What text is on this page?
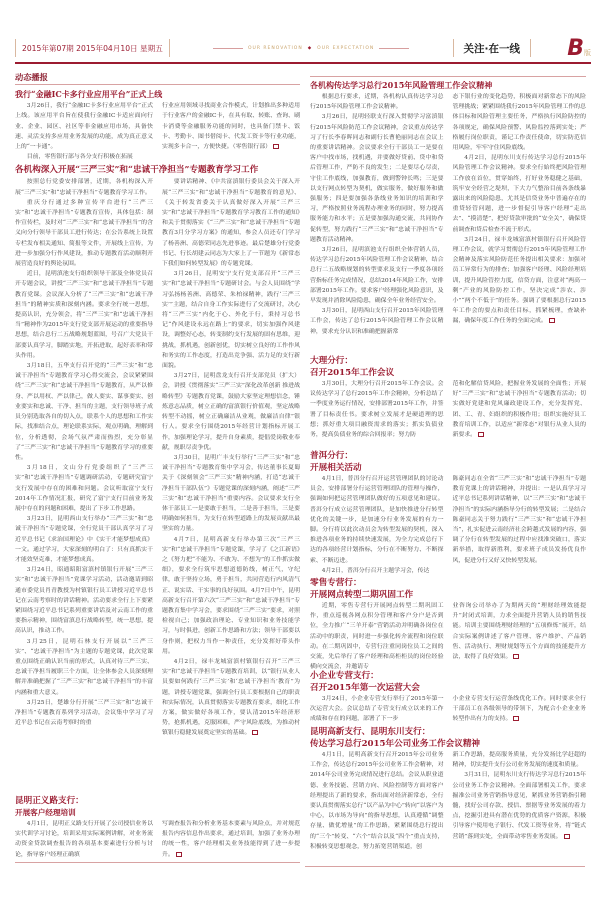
2015年第07期 2015年04月10日 星期五	OUR RENOVATION ◆ OUR EXPECTATION	关注·在一线	B 版
动态播报
我行“金融IC卡多行业应用平台”正式上线

3月26日，我行“金融IC卡多行业应用平台”正式上线。该应用平台旨在使我行金融IC卡适应面向行业、企业、园区、社区等非金融应用市场，具备快速、灵活支持多应用业务发展的功能，成为真正意义上的“一卡通”。

目前，零售银行部与各分支行积极在拓展

行业应用领域寻找商业合作模式，计划推出多种适用于行业客户的金融IC卡，在具有取、转账、查询、刷卡消费等金融服务功能的同时，也具备门禁卡、饭卡、考勤卡、图书借阅卡、代发工资卡等行业功能，实现多卡合一，方便快捷。（零售银行部）

各机构深入开展“三严三实”和“忠诚干净担当”专题教育学习工作

按照总行党委安排部署，近期，各机构深入开展“三严三实”和“忠诚干净担当”专题教育学习工作。

重庆分行通过多种宣传平台进行“三严三实”和“忠诚干净担当”专题教育宣传，具体包括：制作宣传栏，及时对“三严三实”和“忠诚干净担当”的含义向分行领导干部员工进行传达；在公告系统上设置专栏发布相关通知、简报等文件，开展线上宣传，为进一步加强分行作风建设，推动专题教育活动顺利开展营造良好的舆论氛围。

近日，昆明滇池支行组织领导干部及全体党员召开专题会议，讲授“三严三实”和“忠诚干净担当”专题教育党课。会议深入分析了“三严三实”和“忠诚干净担当”的精神实质和深刻内涵。要求全行统一思想，提高认识，充分领会，将“三严三实”和“忠诚干净担当”精神作为2015年支行党支部开展运动的重要指导思想，结合总行二五战略规划蓝图，号召广大党员干部要认真学习，脚踏实地，开拓进取，起好表率和带头作用。

3月18日，五华支行召开党的“三严三实”和“忠诚干净担当”专题教育学习心得交流会，会议紧紧围绕“三严三实”和“忠诚干净担当”专题教育，从严以修身、严以用权、严以律己，做人要实、谋事要实、创业要实和忠诚、干净、担当的主题，支行领导班子成员分别选取各自的切入点，联系个人的思想和工作实际，找准结合点，理论联系实际，观点明确，理解到位，分析透彻，会场气氛严肃而热烈，充分彰显了“三严三实”和“忠诚干净担当”专题教育学习的重要性。

3月18日，文山分行党委组织了“三严三实”和“忠诚干净担当”专题调研活动，专题研究富宁支行发展中存在的困难和问题。会议听取富宁支行2014年工作情况汇报，研究了富宁支行目前业务发展中存在的问题和困难，提出了下步工作思路。

3月23日，昆明西山支行举办“三严三实”和“忠诚干净担当”专题党课，全行党员干部认真学习了习近平总书记《求治国理论》中《实干才能梦想成真》一文。通过学习，大家深刻的明白了：只有真抓实干才能效坚克难，才能梦想成真。

3月24日，昭通昭阳富滇村镇银行开展“三严三实”和“忠诚干净担当”党课学习活动，活动邀请到昭通市委党员肖青教授为村镇银行员工讲授习近平总书记在云南考察时的讲话精神。活动要求全行上下要紧紧围绕习近平总书记系列重要讲话及对云南工作的重要指示精神，围绕富滇总行战略转型，统一思想，提高认识，推动工作。

3月25日，昆明石林支行开展以“三严三实”、“忠诚干净担当”为主题的专题党课，此次党课重点围绕正确认识当前的形式，认真对待三严三实、忠诚干净担当履职三个方面，让全体参会人员深刻理解并准确把握了“三严三实”和“忠诚干净担当”的丰富内涵和重大意义。

3月25日，楚雄分行开展“三严三实”和“忠诚干净担当”专题教育系列学习活动，会议集中学习了习近平总书记在云南考察时的重

要讲话精神、《中共富滇银行委员会关于深入开展“三严三实”和“忠诚干净担当”专题教育的意见》、《关于转发省委关于认真做好深入开展“三严三实”和“忠诚干净担当”专题教育学习教育工作的通知》和关于贯彻落实《“三严三实”和“忠诚干净担当”专题教育3月分学习方案》的通知，参会人员还专门学习了杨善洲、高德荣同志先进事迹。最后楚雄分行党委书记、行长胡建云同志为大家上了一节题为《新常态下我们如何转型发展》的专题党课。

3月26日，昆明安宁支行党支部召开“三严三实”和“忠诚干净担当”专题研讨会。与会人员围绕“学习弘扬杨善洲、高德荣、朱柏禄精神，践行‘三严三实’”主题，结合自身工作实际进行了交流研讨，决心将“三严三实”内化于心、外化于行，秉持习总书记“作风建设永远在路上”的要求，切实加强作风建设，调整好心态，转变制约支行发展的固有思维，迎挑战，抓机遇，创新创优，切实树立良好的工作作风和务实的工作态度，打造出竞争强、活力足的支行新面貌。

3月27日，昆明盘龙支行召开支部党员（扩大）会，讲授《贯彻落实“三严三实”深化改革创新 推进战略转型》专题教育党课，鼓励大家坚定理想信念，锤炼意志品质，树立正确的富滇银行价值观，坚定战略转型不动摇，树立正确廉洁从业观，做廉洁自律”银行人。要求全行围绕2015年经营计划指标开展工作，加强理论学习，提升自身素质，提倡爱岗敬业奉献，规职尽责争优。

3月30日，昆明广丰支行举行“三严三实”和“忠诚干净担当”专题教育集中学习会，传达董事长夏蜀关于《深刻领会“三严三实”精神内涵，打造“忠诚干净担当干部队伍”》专题党课的深刻内涵，阐述“三严三实”和“忠诚干净担当”重要内容。会议要求支行全体干部员工一是要敢于担当，二是善于担当，三是要明确如何担当，为支行在转型道路上的发展贡献出最坚实的力量。

4月7日，昆明高新支行举办第三次“三严三实”和“忠诚干净担当”专题党课，学习了《之江新语》之《努力把“不能为、不敢为、不想为”的工作抓实做细》，要求全行筑牢思想道德防线，树正气，守纪律，敢于坚持立场，勇于担当，共同营造行内风清气正、说实话、干实事的良好氛围。4月7日中午，昆明高新支行召开第六次“三严三实”和“忠诚干净担当”专题教育集中学习会，要求围绕“三严三实”要求，对照检视自己；加强政治理论、专业知识和业务技能学习，与时俱进，创新工作思路和方法；领导干部要以身作则，把权力当作一种责任，充分发挥好带头作用。

4月2日，禄丰龙城富滇村镇银行召开“三严三实”和“忠诚干净担当”专题教育培训，以“银行从业人员要如何践行‘三严三实’和‘忠诚干净担当’教育”为题，讲授专题党课，强调全行员工要根据自己的职责和实际情况，认真贯彻落实专题教育要求，细化工作方案，做实做好各项工作，要认清2015年经济形势，抢抓机遇，克服困难，严守风险底线，为推动村镇银行稳健发展奠定坚实的基础。

昆明正义路支行：
开展客户经理培训

4月1日，昆明正义路支行开展了公司授信业务以实代训学习讨论，培训采用实际案例讲解，对业务流动资金贷款调查报告的各项基本要素进行分析与讨论，指导客户经理正确填

写调查报告和分析业务基本要素与风险点，并对规范报告内容信息作出要求，通过培训，加强了业务办理的统一性，客户经理相关业务技能得到了进一步提升。

各机构传达学习总行2015年风险管理工作会议精神

根据总行要求，近期，各机构认真传达学习总行2015年风险管理工作会议精神。

3月26日，昆明轻联支行深入贯彻学习富滇银行2015年风险防范工作会议精神，会议重点传达学习了行长李春晖同志和副行长曹艳丽同志在会议上的重要讲话精神。会议要求全行干部员工一是要在客户中找市场，找机遇，并要做好贷前、贷中和贷后管理工作，严防不良的发生；二是要尽心尽责，守住工作底线，加强教育，做到警钟长鸣；三是要以支行网点转型为契机，做实服务，做好服务和做强服务；四是要加强各条线业务知识的培训和学习，严格按照业务流程办理业务的同时，努力提高服务能力和水平；五是要加强沟通交流，共同协作促转型，努力践行“三严三实”和“忠诚干净担当”专题教育活动精神。

3月26日，昆明滇池支行组织全体营销人员，传达学习总行2015年风险管理工作会议精神，结合总行二五战略规划的转型要求及支行一季度各项经营指标任务完成情况，总结2014年风险工作，安排部署2015年工作。要求客户经理强化风险意识，及早发现并消除风险隐患，确保全年业务经营安全。

3月30日，昆明西山支行召开2015年风险管理工作会，传达了总行2015年风险管理工作会议精神，要求充分认识和准确把握新常

态下银行业的变化趋势，积极面对新常态下的风险管理挑战；紧紧围绕我行2015年风险管理工作的总体目标和风险管理主要任务，严格执行风险防控的各项规定，确保风险预警、风险监控落到实处；严格履行岗位职责，谨记工作责任使命，切实防范信用风险，牢牢守住风险底线。

4月2日，昆明东川支行传达学习总行2015年风险管理工作会议精神。要求全行始终把风险管理工作放在首位，贯穿始终，打好业务稳健之基础，筑牢安全经营之堤坝，下大力气整治目前各条线暴露出来的风险隐患，尤其是信贷业务中普遍存在的重贷轻管问题，进一步督促引导客户经理“走出去”、“摸清楚”，把好贷款审批的“安全关”，确保贷前调查和贷后检查不流于形式。

3月24日，禄丰龙城富滇村镇银行召开风险管理工作会议，就学习贯彻总行2015年风险管理工作会精神及落实风险防范任务提出相关要求：加强对员工异常行为的排查；加强客户经理、风险经理培训，提升风险管控力度，信贷方面，注意对“两高一剩”产业的风险防控工作，坚决完成“涉农、涉小”“两个不低于”的任务。强调了要根据总行2015年工作会的要点和责任目标，抓紧梳理，查缺补漏，确保年度工作任务的全面完成。

大理分行：
召开2015年工作会议

3月30日，大理分行召开2015年工作会议。会议传达学习了总行2015年工作会精神，分析总结了一季度业务运行情况，安排部署2015年工作，并签署了目标责任书。要求树立发展才是硬道理的思想；抓好重大项目融资需求的落实；抓实负债业务，提高负债业务的综合回报率；努力防

范和化解信贷风险，把握业务发展的全面性；开展好“三严三实”和“忠诚干净担当”专题教育活动；切实做好党建和党风廉政建设工作，充分发挥党、团、工、青、妇组织的积极作用；组织实施好员工教育培训工作，以适应“新常态”对银行从业人员的新要求。

普洱分行：
开展相关活动

4月1日，普洱分行召开运营管理团队的讨论动员会，安排部署分行运营管理团队的管理与操作，强调如何把运营管理团队做好的五项意见和建议。普洱分行成立运营管理团队，是加快推进分行转型优化的关键一步，是加速分行业务发展的有力一脚。分行将以此次动员会为转型发展的契机，深入推进各项业务的持续快速发展，为全力完成总行下达的各项经营计划指标，分行在不断努力、不断探索、不断迈进。

4月2日，普洱分行召开主题学习会，传达

陈豪同志在全省“三严三实”和“忠诚干净担当”专题教育党课上的讲话精神，并提出：一是认真学习习近平总书记系列讲话精神，以“三严三实”和“忠诚干净担当”的实际内涵指导分行的转型发展；二是结合陈豪同志关于努力践行“三严三实”和“忠诚干净担当”，扎实促进云南经济社会跨越式发展的内容，强调了分行在转型发展的过程中应找准突破口，落实新举措，取得新胜利，要求班子成员发扬优良作风，促进分行又好又快转型发展。

零售专营行：
开展网点转型二期巩固工作

近期，零售专营行开展网点转型二期巩固工作，重点巡视各网点积分管理和客户分户是否到位，全力推广“三羊开泰”营销活动并明确各岗位在活动中的职责，同时进一步强化转介流程和岗位联动。在二期巩固中，专营行注重同岗位员工之间的交流，先后举行了客户经理和高柜柜员的岗位经验横向交流会，并邀请专

业咨询公司举办了为期两天的“理财经理效能提升”封闭式培训，力求全面提升营销人员的销售技能。培训主要围绕理财经理的“五项修炼”展开，结合实际案例讲述了客户管理、客户维护、产品销售、活动执行、理财规划等五个方面的技能提升方法，取得了良好效果。

小企业专营支行：
召开2015年第一次运营大会

3月24日，小企业专营支行举行了2015年第一次运营大会。会议总结了专营支行成立以来的工作成绩和存在的问题，部署了下一步

小企业专营支行运营条线优化工作。同时要求全行干部员工在各级领导的带领下，为配合小企业业务转型作出有力的支持。

昆明高新支行、昆明东川支行：
传达学习总行2015年公司业务工作会议精神

4月1日，昆明高新支行召开2015年公司业务工作会，传达总行2015年公司业务工作会精神，对2014年公司业务完成情况进行总结。会议从职业道德、业务技能、营销方向、风险控制等方面对客户经理提出了新的要求，指出面对经济新常态，全行要认真贯彻落实总行“以产品为中心”转向“以客户为中心，以市场为导向”的指导思想，认真遵循“调整存量、做优增量”的工作思路，紧紧围绕总行提出的“三个”转变、“六个”结合以及“四个”重点支持，积极转变思想观念，努力拓宽营销渠道，创

新工作思路，提高服务质量，充分发扬比学赶超的精神，切实提升支行公司业务发展的速度和质量。

3月31日，昆明东川支行传达学习总行2015年公司业务工作会议精神。全面部署相关工作，要求掘准公司业务营销指导意见，紧抓业务营销指引精髓，找好公司存款、授信、票据等业务发展的着力点，挖掘引进具有潜在优势的优质客户资源，积极引导客户使用电子银行、代发工资等业务，将“链式营销”落到实处，全面带动零售业务发展。
